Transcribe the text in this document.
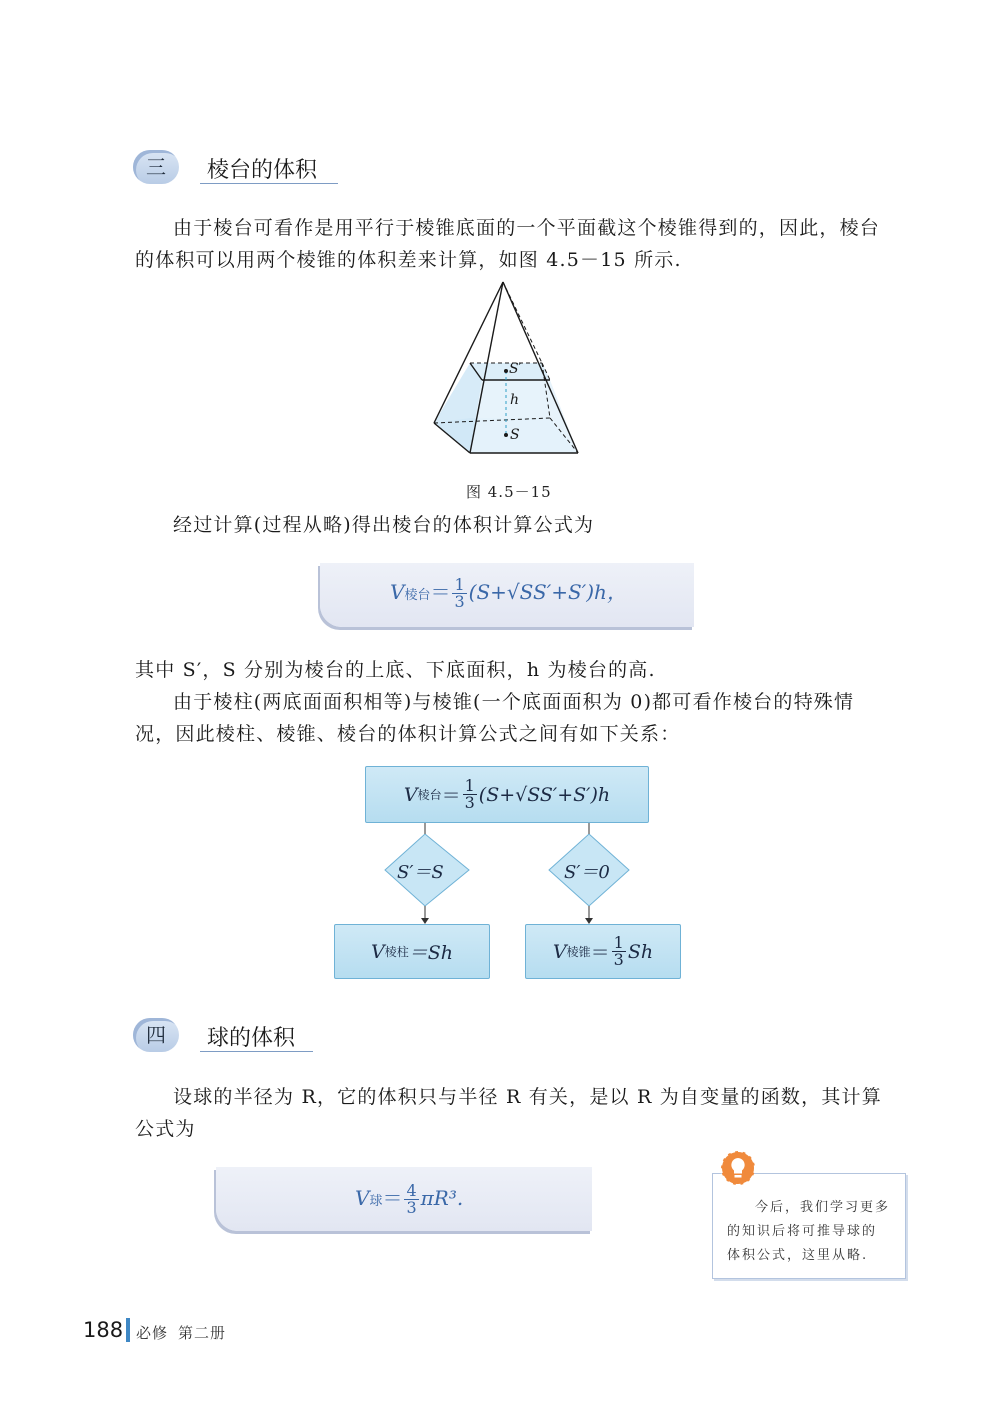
三	棱台的体积

由于棱台可看作是用平行于棱锥底面的一个平面截这个棱锥得到的，因此，棱台的体积可以用两个棱锥的体积差来计算，如图 4.5－15 所示.

S′
h
S
图 4.5－15

经过计算(过程从略)得出棱台的体积计算公式为

V棱台＝ $\frac{1}{3} (S+√SS'+S')h$，

其中 S′，S 分别为棱台的上底、下底面积，h 为棱台的高.

由于棱柱(两底面面积相等)与棱锥(一个底面面积为 0)都可看作棱台的特殊情况，因此棱柱、棱锥、棱台的体积计算公式之间有如下关系：

V 棱台 ＝ $\frac{1}{3} (S+√SS'+S')h$
S′＝S	S′＝0
V 棱柱 ＝Sh	V 棱锥 ＝ $\frac{1}{3}$ Sh
四	球的体积

设球的半径为 R，它的体积只与半径 R 有关，是以 R 为自变量的函数，其计算公式为

V球＝ $\frac{4}{3} \pi R^3$.	今后，我们学习更多的知识后将可推导球的体积公式，这里从略.
188 必修 第二册
